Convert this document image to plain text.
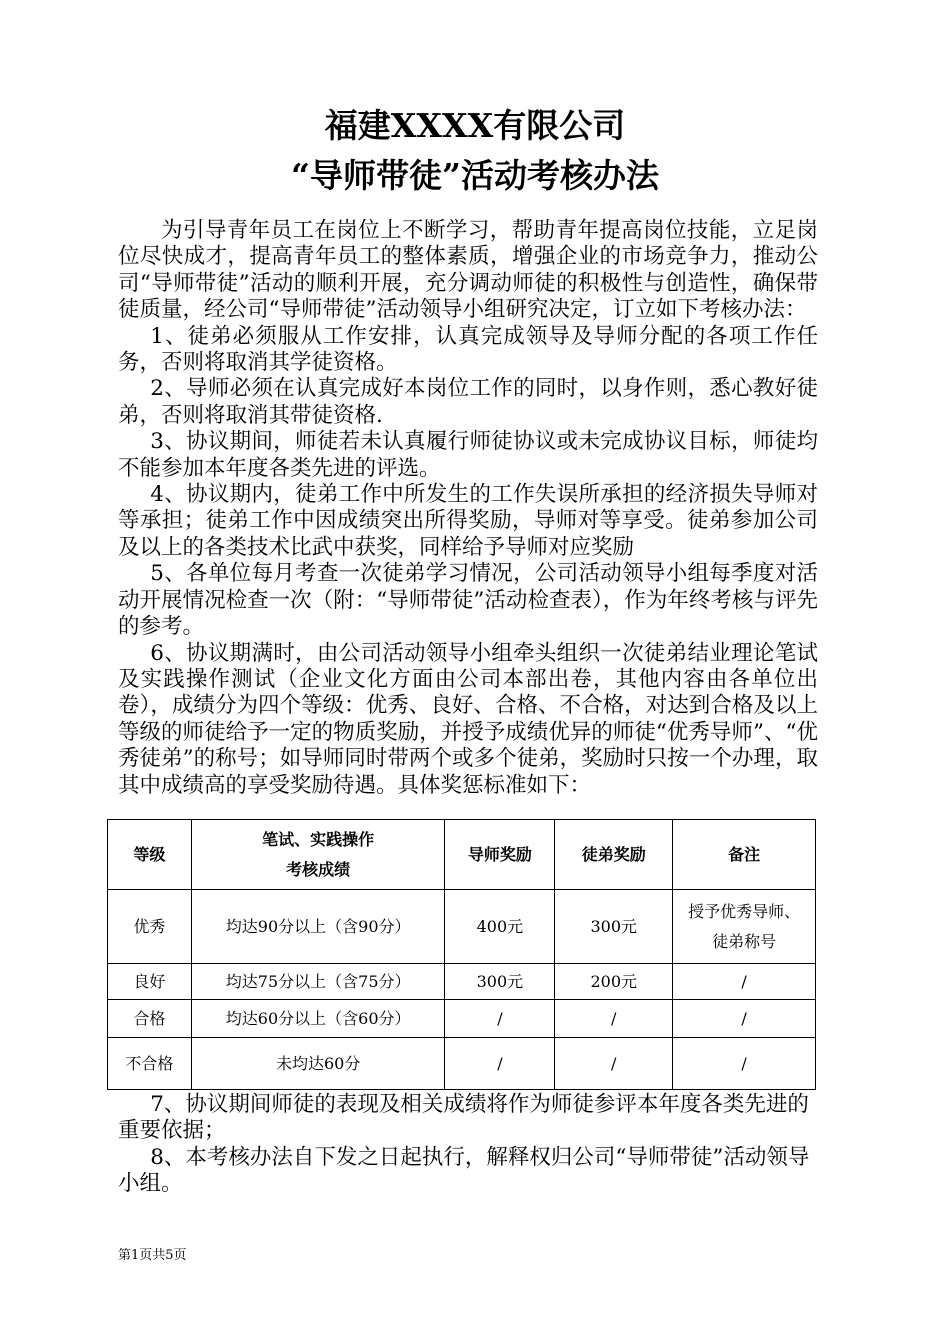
福建XXXX有限公司
“导师带徒”活动考核办法

为引导青年员工在岗位上不断学习，帮助青年提高岗位技能，立足岗位尽快成才，提高青年员工的整体素质，增强企业的市场竞争力，推动公司“导师带徒”活动的顺利开展，充分调动师徒的积极性与创造性，确保带徒质量，经公司“导师带徒”活动领导小组研究决定，订立如下考核办法：

1、徒弟必须服从工作安排，认真完成领导及导师分配的各项工作任务，否则将取消其学徒资格。

2、导师必须在认真完成好本岗位工作的同时，以身作则，悉心教好徒弟，否则将取消其带徒资格.

3、协议期间，师徒若未认真履行师徒协议或未完成协议目标，师徒均不能参加本年度各类先进的评选。

4、协议期内，徒弟工作中所发生的工作失误所承担的经济损失导师对等承担；徒弟工作中因成绩突出所得奖励，导师对等享受。徒弟参加公司及以上的各类技术比武中获奖，同样给予导师对应奖励

5、各单位每月考查一次徒弟学习情况，公司活动领导小组每季度对活动开展情况检查一次（附：“导师带徒”活动检查表），作为年终考核与评先的参考。

6、协议期满时，由公司活动领导小组牵头组织一次徒弟结业理论笔试及实践操作测试（企业文化方面由公司本部出卷，其他内容由各单位出卷），成绩分为四个等级：优秀、良好、合格、不合格，对达到合格及以上等级的师徒给予一定的物质奖励，并授予成绩优异的师徒“优秀导师”、“优秀徒弟”的称号；如导师同时带两个或多个徒弟，奖励时只按一个办理，取其中成绩高的享受奖励待遇。具体奖惩标准如下：

等级	笔试、实践操作
考核成绩	导师奖励	徒弟奖励	备注
优秀	均达90分以上（含90分）	400元	300元	授予优秀导师、
徒弟称号

良好	均达75分以上（含75分）	300元	200元	/
合格	均达60分以上（含60分）	/	/	/
不合格	未均达60分	/	/	/

7、协议期间师徒的表现及相关成绩将作为师徒参评本年度各类先进的重要依据；

8、本考核办法自下发之日起执行，解释权归公司“导师带徒”活动领导小组。

第1页共5页
